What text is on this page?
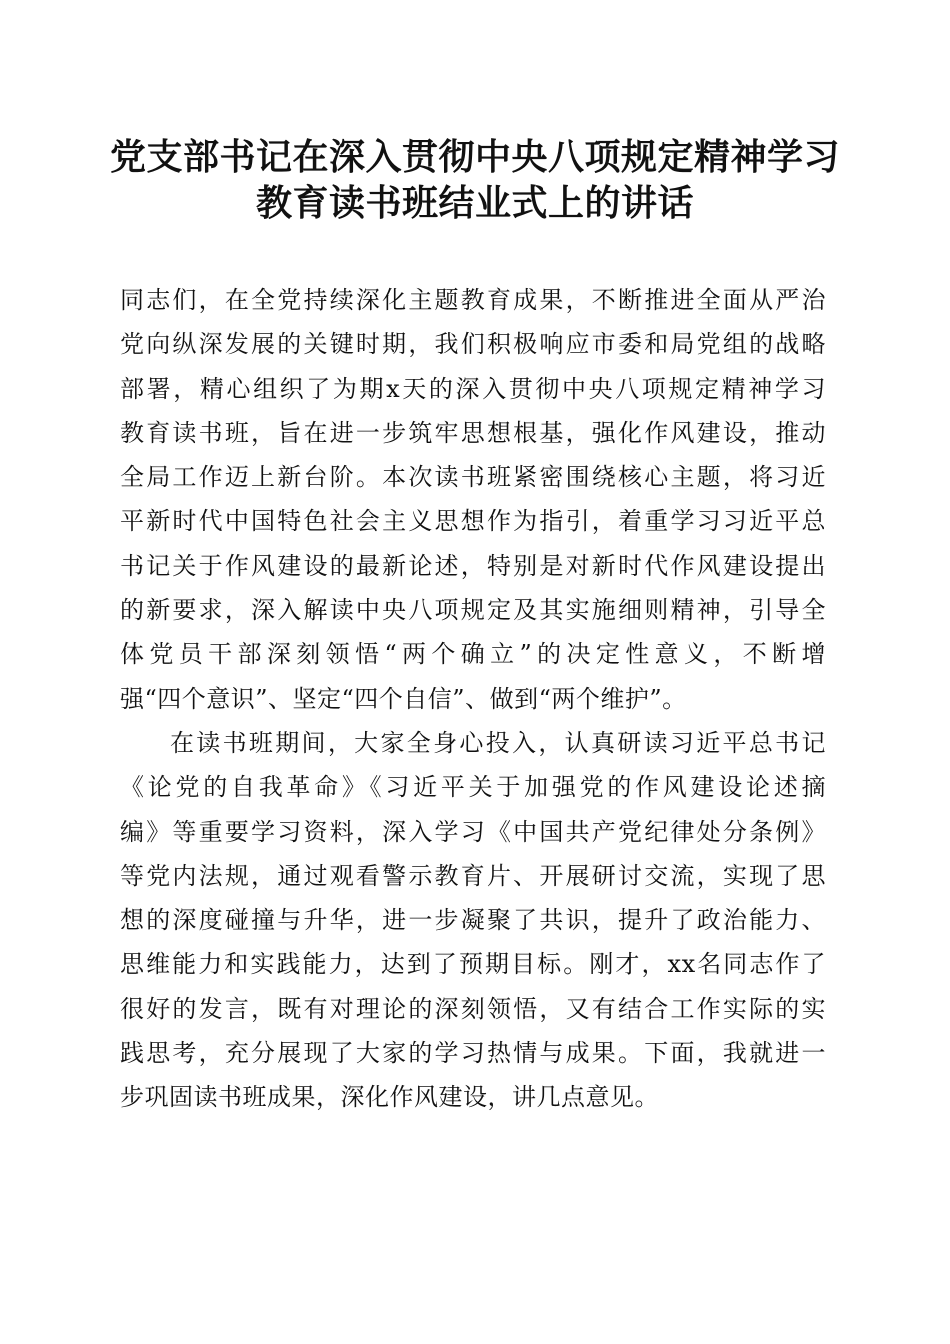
党支部书记在深入贯彻中央八项规定精神学习
教育读书班结业式上的讲话
同志们，在全党持续深化主题教育成果，不断推进全面从严治
党向纵深发展的关键时期，我们积极响应市委和局党组的战略
部署，精心组织了为期x天的深入贯彻中央八项规定精神学习
教育读书班，旨在进一步筑牢思想根基，强化作风建设，推动
全局工作迈上新台阶。本次读书班紧密围绕核心主题，将习近
平新时代中国特色社会主义思想作为指引，着重学习习近平总
书记关于作风建设的最新论述，特别是对新时代作风建设提出
的新要求，深入解读中央八项规定及其实施细则精神，引导全
体党员干部深刻领悟“两个确立”的决定性意义，不断增
强“四个意识”、坚定“四个自信”、做到“两个维护”。
在读书班期间，大家全身心投入，认真研读习近平总书记
《论党的自我革命》《习近平关于加强党的作风建设论述摘
编》等重要学习资料，深入学习《中国共产党纪律处分条例》
等党内法规，通过观看警示教育片、开展研讨交流，实现了思
想的深度碰撞与升华，进一步凝聚了共识，提升了政治能力、
思维能力和实践能力，达到了预期目标。刚才，xx名同志作了
很好的发言，既有对理论的深刻领悟，又有结合工作实际的实
践思考，充分展现了大家的学习热情与成果。下面，我就进一
步巩固读书班成果，深化作风建设，讲几点意见。
